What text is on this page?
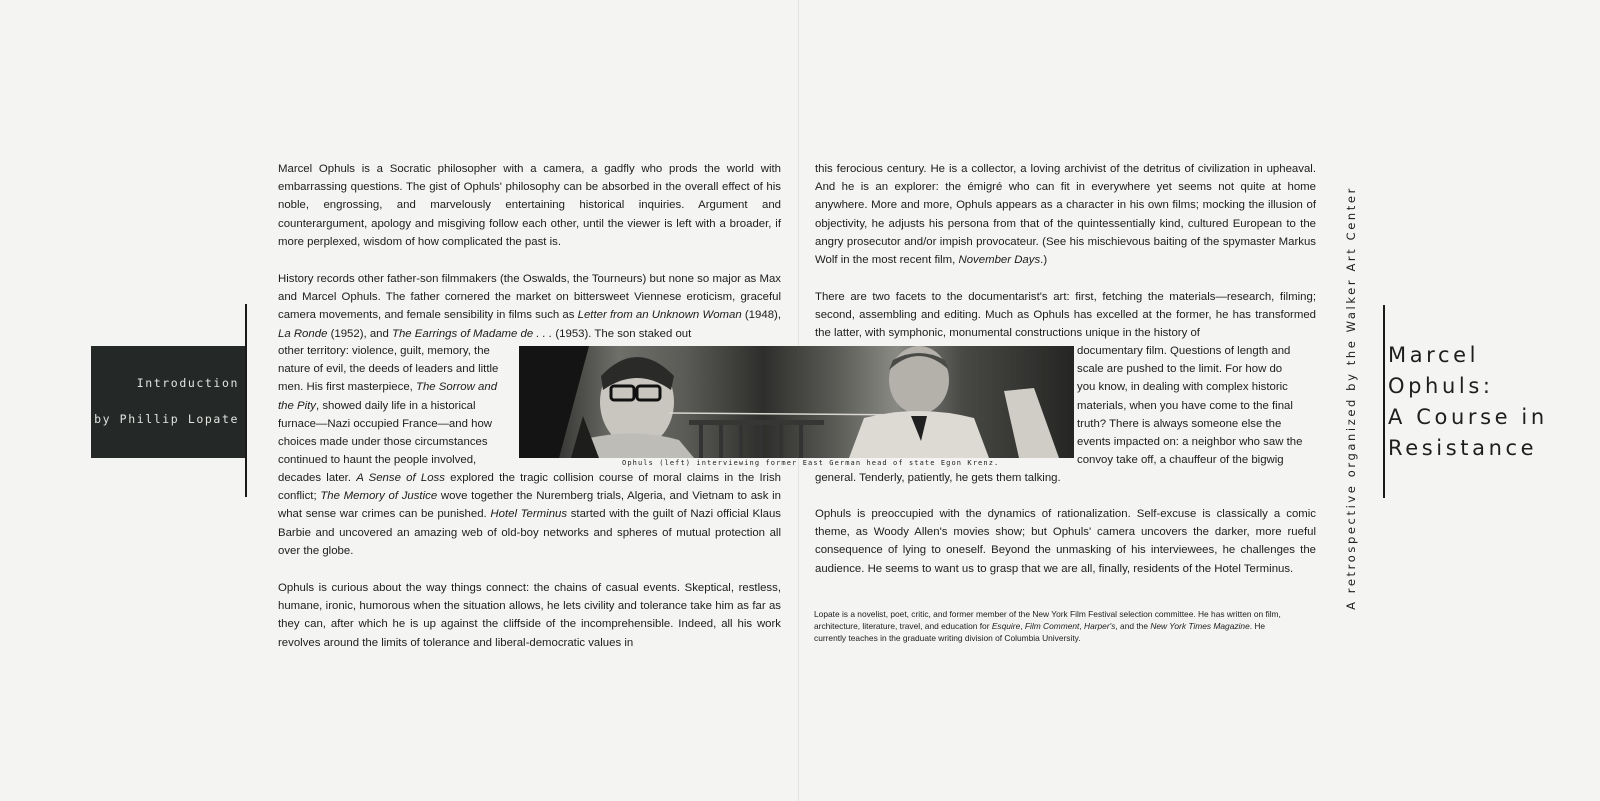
Marcel Ophuls is a Socratic philosopher with a camera, a gadfly who prods the world with embarrassing questions. The gist of Ophuls' philosophy can be absorbed in the overall effect of his noble, engrossing, and marvelously entertaining historical inquiries. Argument and counterargument, apology and misgiving follow each other, until the viewer is left with a broader, if more perplexed, wisdom of how complicated the past is.

History records other father-son filmmakers (the Oswalds, the Tourneurs) but none so major as Max and Marcel Ophuls. The father cornered the market on bittersweet Viennese eroticism, graceful camera movements, and female sensibility in films such as Letter from an Unknown Woman (1948), La Ronde (1952), and The Earrings of Madame de . . . (1953). The son staked out

other territory: violence, guilt, memory, the
nature of evil, the deeds of leaders and little
men. His first masterpiece, The Sorrow and
the Pity, showed daily life in a historical
furnace—Nazi occupied France—and how
choices made under those circumstances
continued to haunt the people involved,

decades later. A Sense of Loss explored the tragic collision course of moral claims in the Irish conflict; The Memory of Justice wove together the Nuremberg trials, Algeria, and Vietnam to ask in what sense war crimes can be punished. Hotel Terminus started with the guilt of Nazi official Klaus Barbie and uncovered an amazing web of old-boy networks and spheres of mutual protection all over the globe.

Ophuls is curious about the way things connect: the chains of casual events. Skeptical, restless, humane, ironic, humorous when the situation allows, he lets civility and tolerance take him as far as they can, after which he is up against the cliffside of the incomprehensible. Indeed, all his work revolves around the limits of tolerance and liberal-democratic values in

this ferocious century. He is a collector, a loving archivist of the detritus of civilization in upheaval. And he is an explorer: the émigré who can fit in everywhere yet seems not quite at home anywhere. More and more, Ophuls appears as a character in his own films; mocking the illusion of objectivity, he adjusts his persona from that of the quintessentially kind, cultured European to the angry prosecutor and/or impish provocateur. (See his mischievous baiting of the spymaster Markus Wolf in the most recent film, November Days.)

There are two facets to the documentarist's art: first, fetching the materials—research, filming; second, assembling and editing. Much as Ophuls has excelled at the former, he has transformed the latter, with symphonic, monumental constructions unique in the history of

documentary film. Questions of length and
scale are pushed to the limit. For how do
you know, in dealing with complex historic
materials, when you have come to the final
truth? There is always someone else the
events impacted on: a neighbor who saw the
convoy take off, a chauffeur of the bigwig

general. Tenderly, patiently, he gets them talking.

Ophuls is preoccupied with the dynamics of rationalization. Self-excuse is classically a comic theme, as Woody Allen's movies show; but Ophuls' camera uncovers the darker, more rueful consequence of lying to oneself. Beyond the unmasking of his interviewees, he challenges the audience. He seems to want us to grasp that we are all, finally, residents of the Hotel Terminus.

Lopate is a novelist, poet, critic, and former member of the New York Film Festival selection committee. He has written on film, architecture, literature, travel, and education for Esquire, Film Comment, Harper's, and the New York Times Magazine. He currently teaches in the graduate writing division of Columbia University.
Introduction
by Phillip Lopate
Ophuls (left) interviewing former East German head of state Egon Krenz.	A retrospective organized by the Walker Art Center Marcel
Ophuls:
A Course in
Resistance
